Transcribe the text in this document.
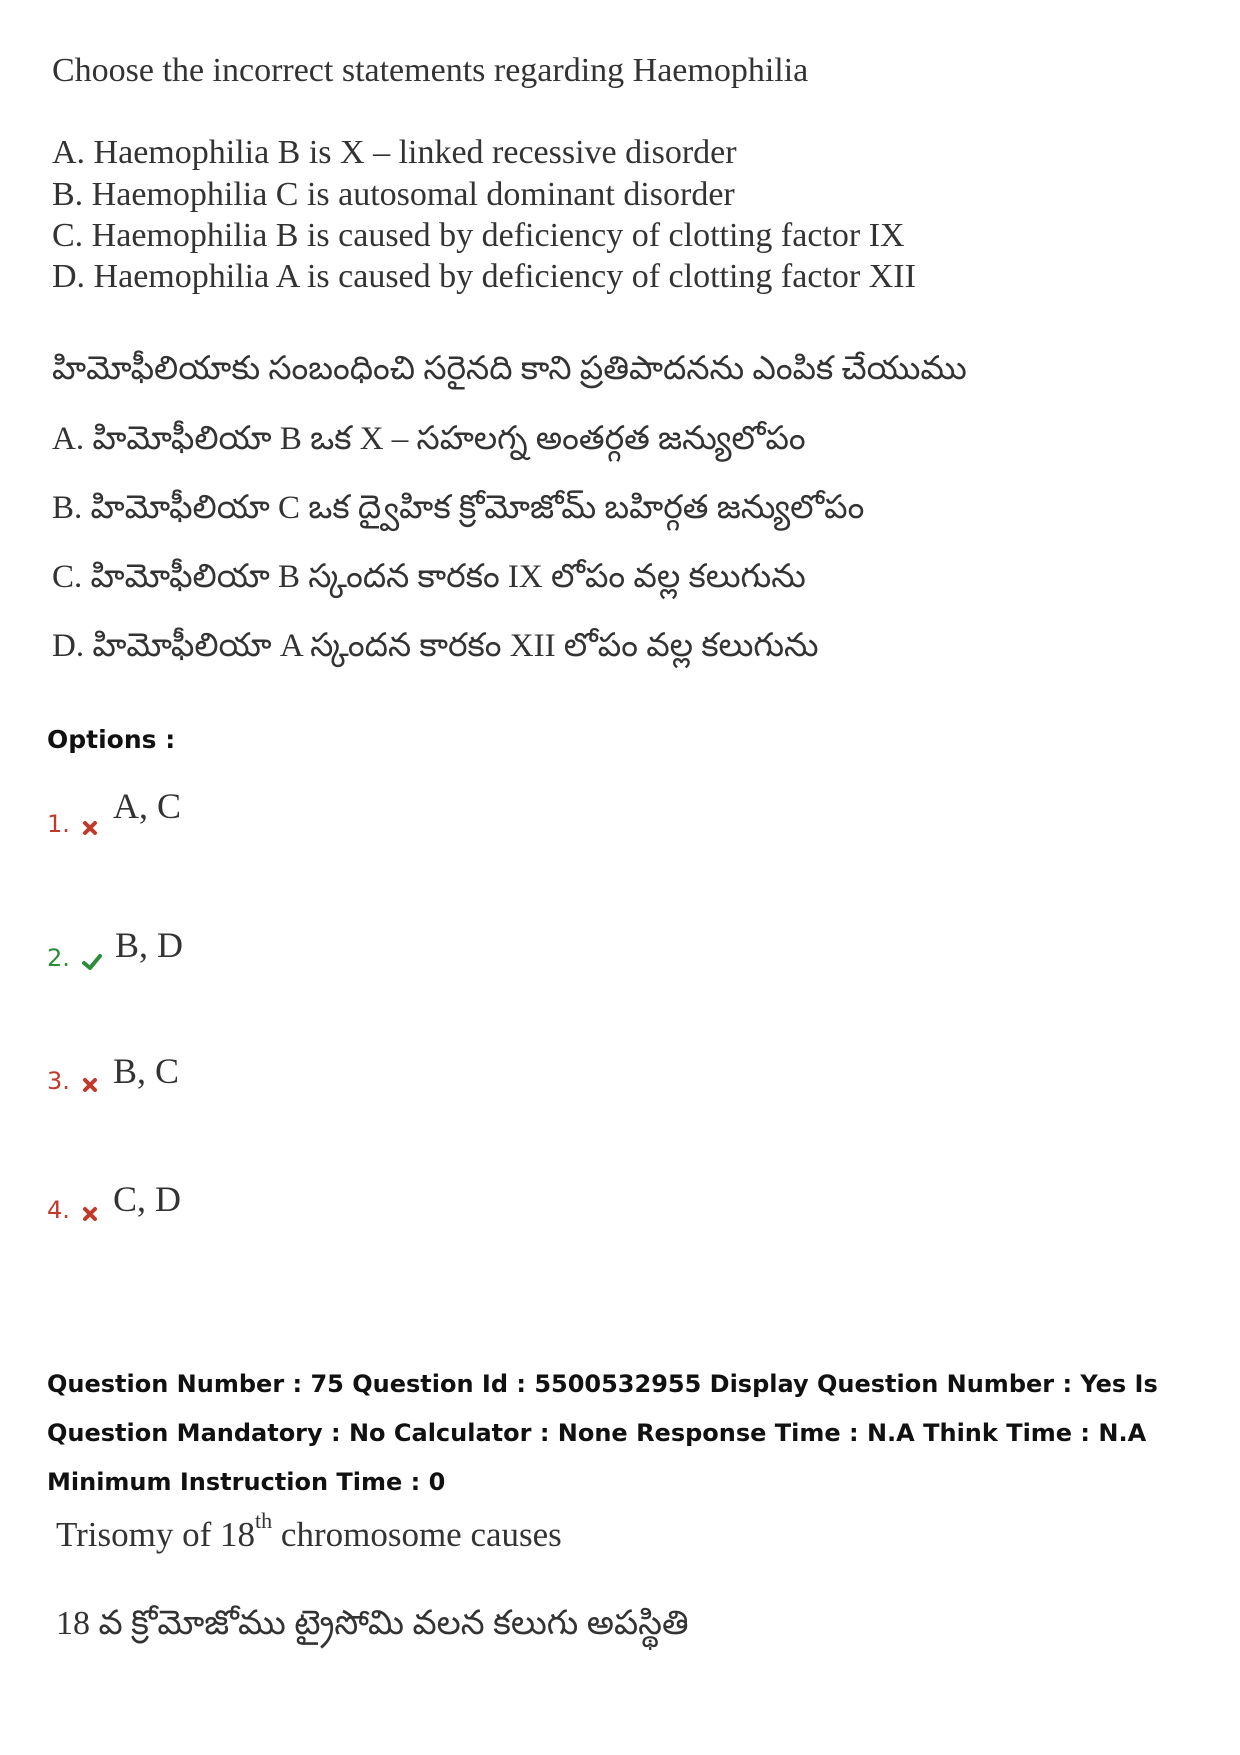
Choose the incorrect statements regarding Haemophilia
A. Haemophilia B is X – linked recessive disorder
B. Haemophilia C is autosomal dominant disorder
C. Haemophilia B is caused by deficiency of clotting factor IX
D. Haemophilia A is caused by deficiency of clotting factor XII
హిమోఫీలియాకు సంబంధించి సరైనది కాని ప్రతిపాదనను ఎంపిక చేయుము
A. హిమోఫీలియా B ఒక X – సహలగ్న అంతర్గత జన్యులోపం
B. హిమోఫీలియా C ఒక ద్వైహిక క్రోమోజోమ్ బహిర్గత జన్యులోపం
C. హిమోఫీలియా B స్కందన కారకం IX లోపం వల్ల కలుగును
D. హిమోఫీలియా A స్కందన కారకం XII లోపం వల్ల కలుగును
Options :
1.	A, C
2.	B, D
3.	B, C
4.	C, D
Question Number : 75 Question Id : 5500532955 Display Question Number : Yes Is Question Mandatory : No Calculator : None Response Time : N.A Think Time : N.A Minimum Instruction Time : 0
Trisomy of 18th chromosome causes
18 వ క్రోమోజోము ట్రైసోమి వలన కలుగు అపస్థితి
